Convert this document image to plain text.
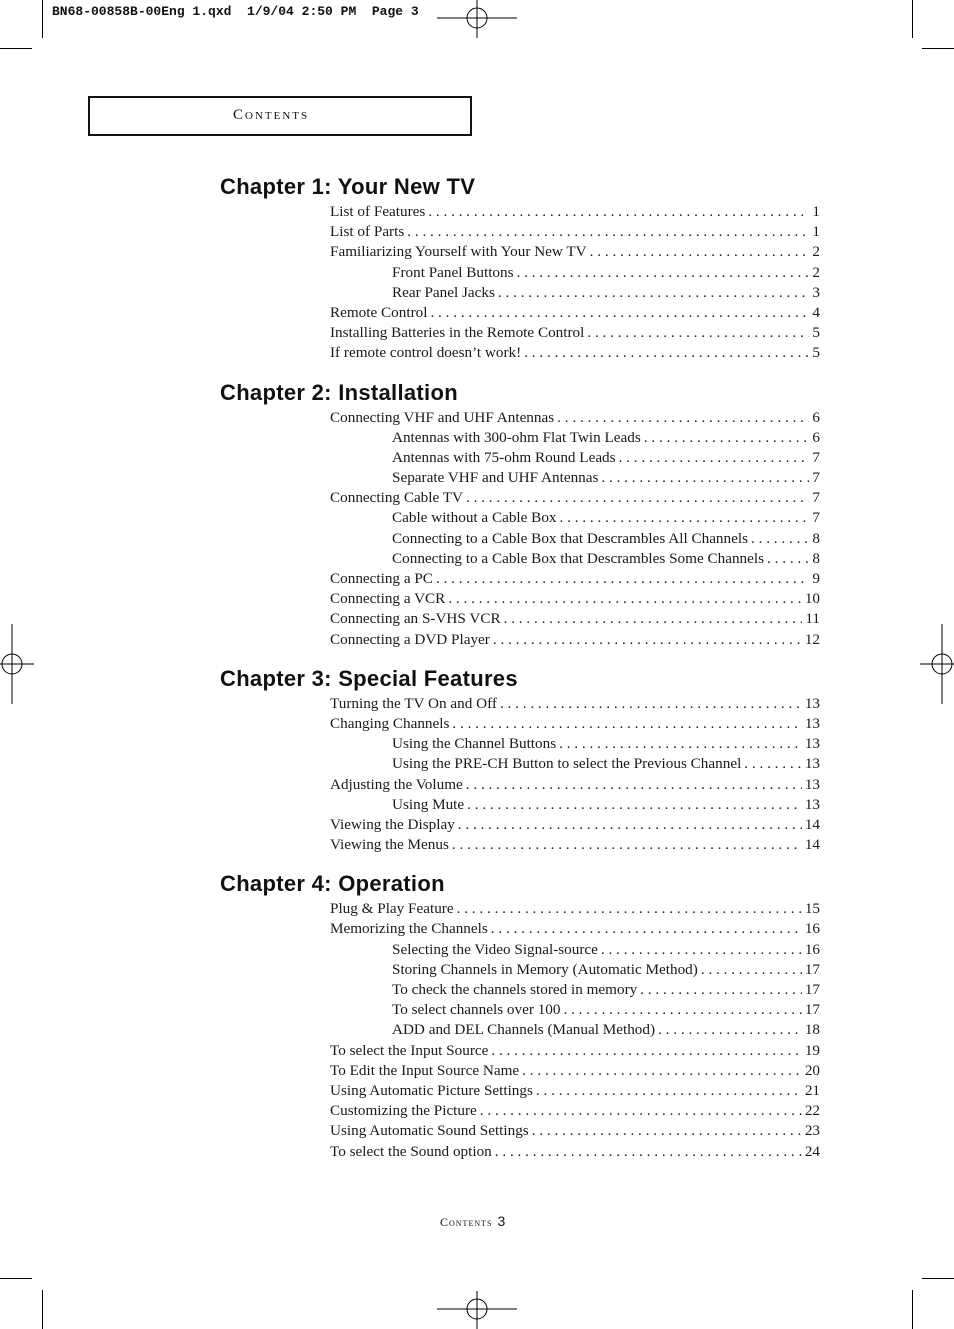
BN68-00858B-00Eng 1.qxd  1/9/04 2:50 PM  Page 3
Contents
Chapter 1: Your New TV
List of Features . . .	1
List of Parts . . .	1
Familiarizing Yourself with Your New TV . . .	2
Front Panel Buttons . . .	2
Rear Panel Jacks . . .	3
Remote Control . . .	4
Installing Batteries in the Remote Control . . .	5
If remote control doesn’t work! . . .	5
Chapter 2: Installation
Connecting VHF and UHF Antennas . . .	6
Antennas with 300-ohm Flat Twin Leads . . .	6
Antennas with 75-ohm Round Leads . . .	7
Separate VHF and UHF Antennas . . .	7
Connecting Cable TV . . .	7
Cable without a Cable Box . . .	7
Connecting to a Cable Box that Descrambles All Channels . . .	8
Connecting to a Cable Box that Descrambles Some Channels . . .	8
Connecting a PC . . .	9
Connecting a VCR . . .	10
Connecting an S-VHS VCR . . .	11
Connecting a DVD Player . . .	12
Chapter 3: Special Features
Turning the TV On and Off . . .	13
Changing Channels . . .	13
Using the Channel Buttons . . .	13
Using the PRE-CH Button to select the Previous Channel . . .	13
Adjusting the Volume . . .	13
Using Mute . . .	13
Viewing the Display . . .	14
Viewing the Menus . . .	14
Chapter 4: Operation
Plug & Play Feature . . .	15
Memorizing the Channels . . .	16
Selecting the Video Signal-source . . .	16
Storing Channels in Memory (Automatic Method) . . .	17
To check the channels stored in memory . . .	17
To select channels over 100 . . .	17
ADD and DEL Channels (Manual Method) . . .	18
To select the Input Source . . .	19
To Edit the Input Source Name . . .	20
Using Automatic Picture Settings . . .	21
Customizing the Picture . . .	22
Using Automatic Sound Settings . . .	23
To select the Sound option . . .	24
Contents 3
